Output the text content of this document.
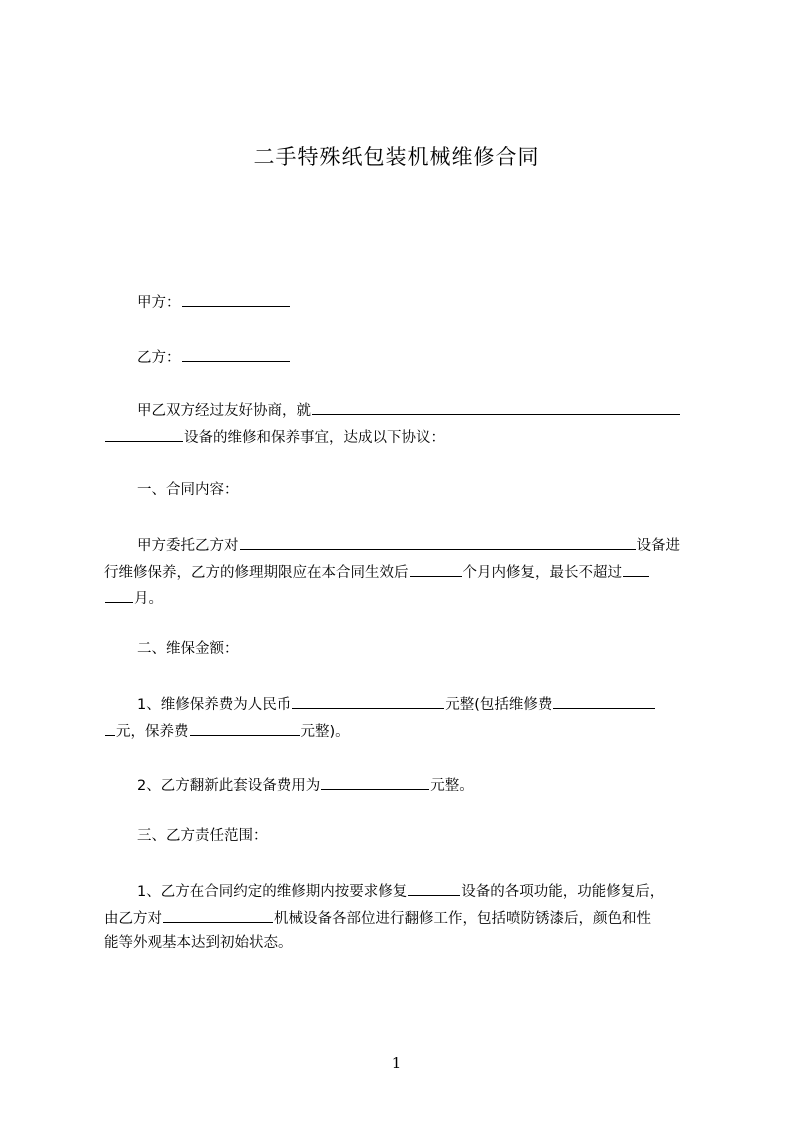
二手特殊纸包装机械维修合同
甲方：
乙方：
甲乙双方经过友好协商，就
设备的维修和保养事宜，达成以下协议：
一、合同内容：
甲方委托乙方对	设备进
行维修保养，乙方的修理期限应在本合同生效后	个月内修复，最长不超过
月。
二、维保金额：
1、维修保养费为人民币	元整(包括维修费
元，保养费	元整)。
2、乙方翻新此套设备费用为	元整。
三、乙方责任范围：
1、乙方在合同约定的维修期内按要求修复	设备的各项功能，功能修复后，
由乙方对	机械设备各部位进行翻修工作，包括喷防锈漆后，颜色和性
能等外观基本达到初始状态。
1
